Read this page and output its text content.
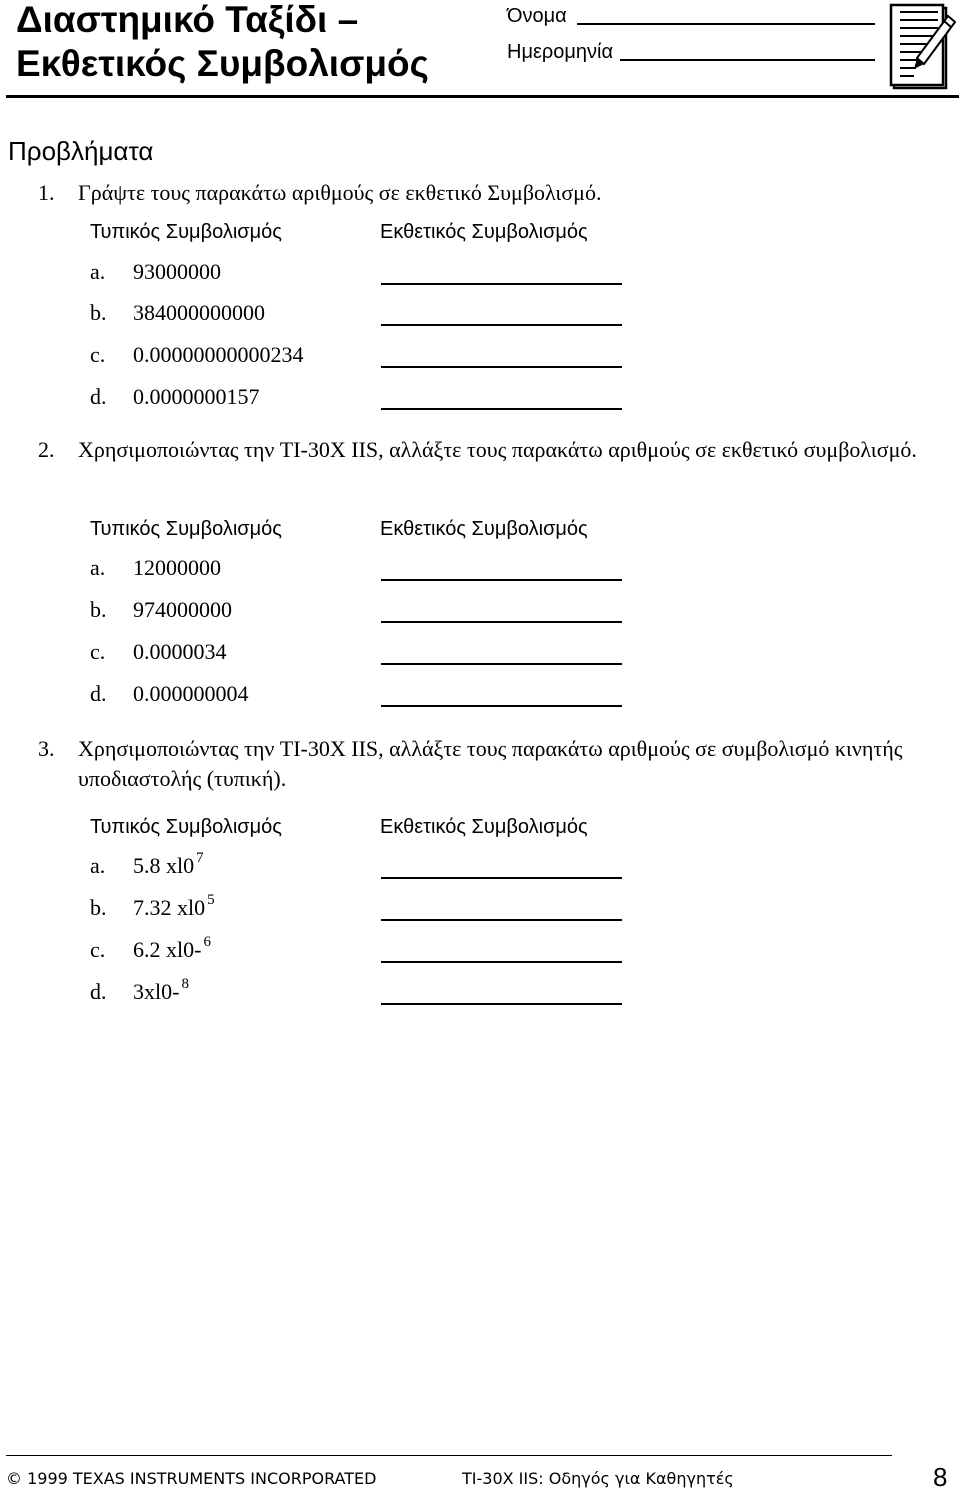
Διαστημικό Ταξίδι –
Εκθετικός Συμβολισμός
Όνομα
Ημερομηνία
Προβλήματα
1. Γράψτε τους παρακάτω αριθμούς σε εκθετικό Συμβολισμό.
Τυπικός Συμβολισμός	Εκθετικός Συμβολισμός
a. 93000000
b. 384000000000
c. 0.00000000000234
d. 0.0000000157
2. Χρησιμοποιώντας την TI-30X IIS, αλλάξτε τους παρακάτω αριθμούς σε εκθετικό συμβολισμό.
Τυπικός Συμβολισμός	Εκθετικός Συμβολισμός
a. 12000000
b. 974000000
c. 0.0000034
d. 0.000000004
3. Χρησιμοποιώντας την TI-30X IIS, αλλάξτε τους παρακάτω αριθμούς σε συμβολισμό κινητής υποδιαστολής (τυπική).
Τυπικός Συμβολισμός	Εκθετικός Συμβολισμός
a. 5.8 xl0 $^7$
b. 7.32 xl0 $^5$
c. 6.2 xl0- $^6$
d. 3xl0- $^8$
© 1999 TEXAS INSTRUMENTS INCORPORATED	TI-30X IIS: Οδηγός για Καθηγητές	8
